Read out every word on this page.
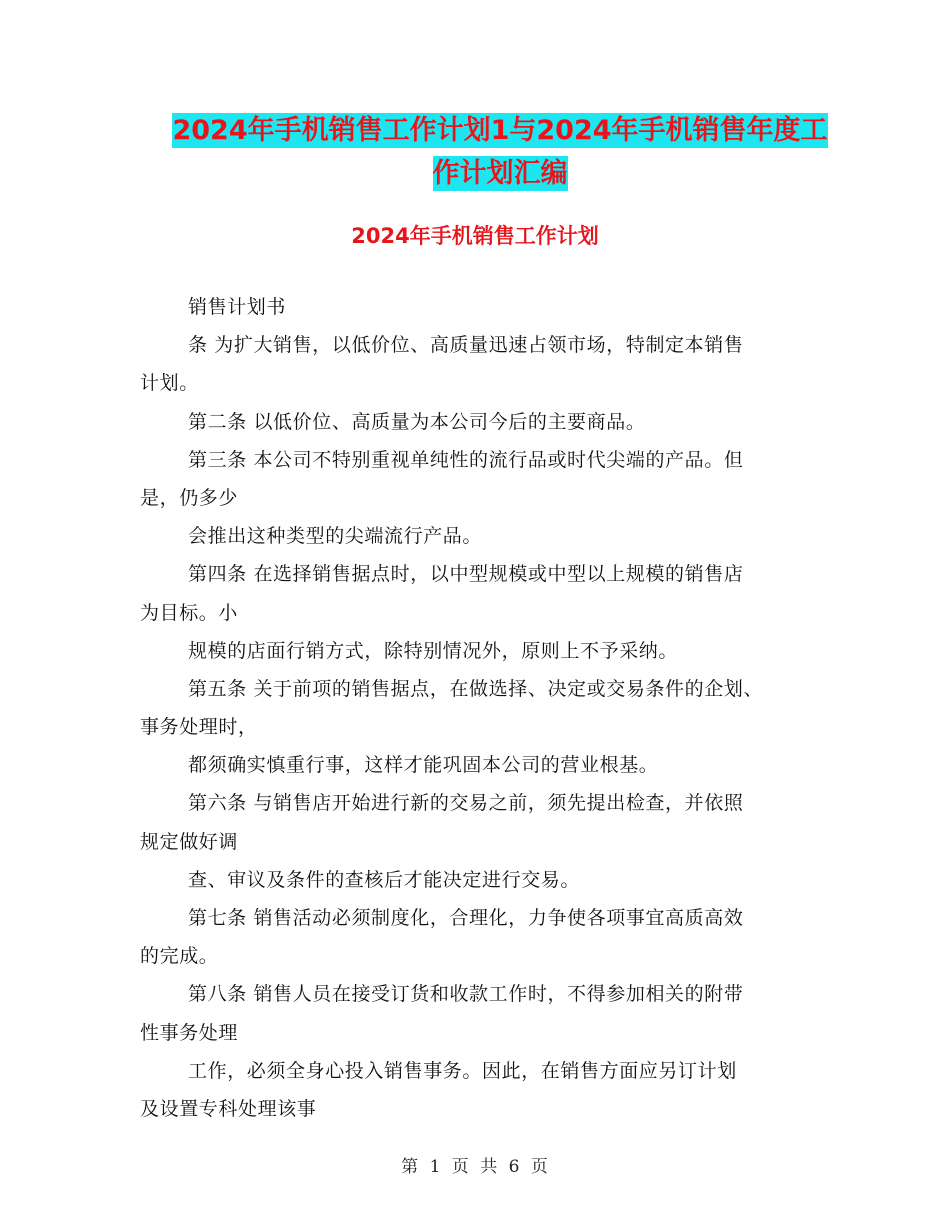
2024年手机销售工作计划1与2024年手机销售年度工
作计划汇编
2024年手机销售工作计划
销售计划书
条 为扩大销售，以低价位、高质量迅速占领市场，特制定本销售
计划。
第二条 以低价位、高质量为本公司今后的主要商品。
第三条 本公司不特别重视单纯性的流行品或时代尖端的产品。但
是，仍多少
会推出这种类型的尖端流行产品。
第四条 在选择销售据点时，以中型规模或中型以上规模的销售店
为目标。小
规模的店面行销方式，除特别情况外，原则上不予采纳。
第五条 关于前项的销售据点，在做选择、决定或交易条件的企划、
事务处理时，
都须确实慎重行事，这样才能巩固本公司的营业根基。
第六条 与销售店开始进行新的交易之前，须先提出检查，并依照
规定做好调
查、审议及条件的查核后才能决定进行交易。
第七条 销售活动必须制度化，合理化，力争使各项事宜高质高效
的完成。
第八条 销售人员在接受订货和收款工作时，不得参加相关的附带
性事务处理
工作，必须全身心投入销售事务。因此，在销售方面应另订计划
及设置专科处理该事
第 1 页 共 6 页
